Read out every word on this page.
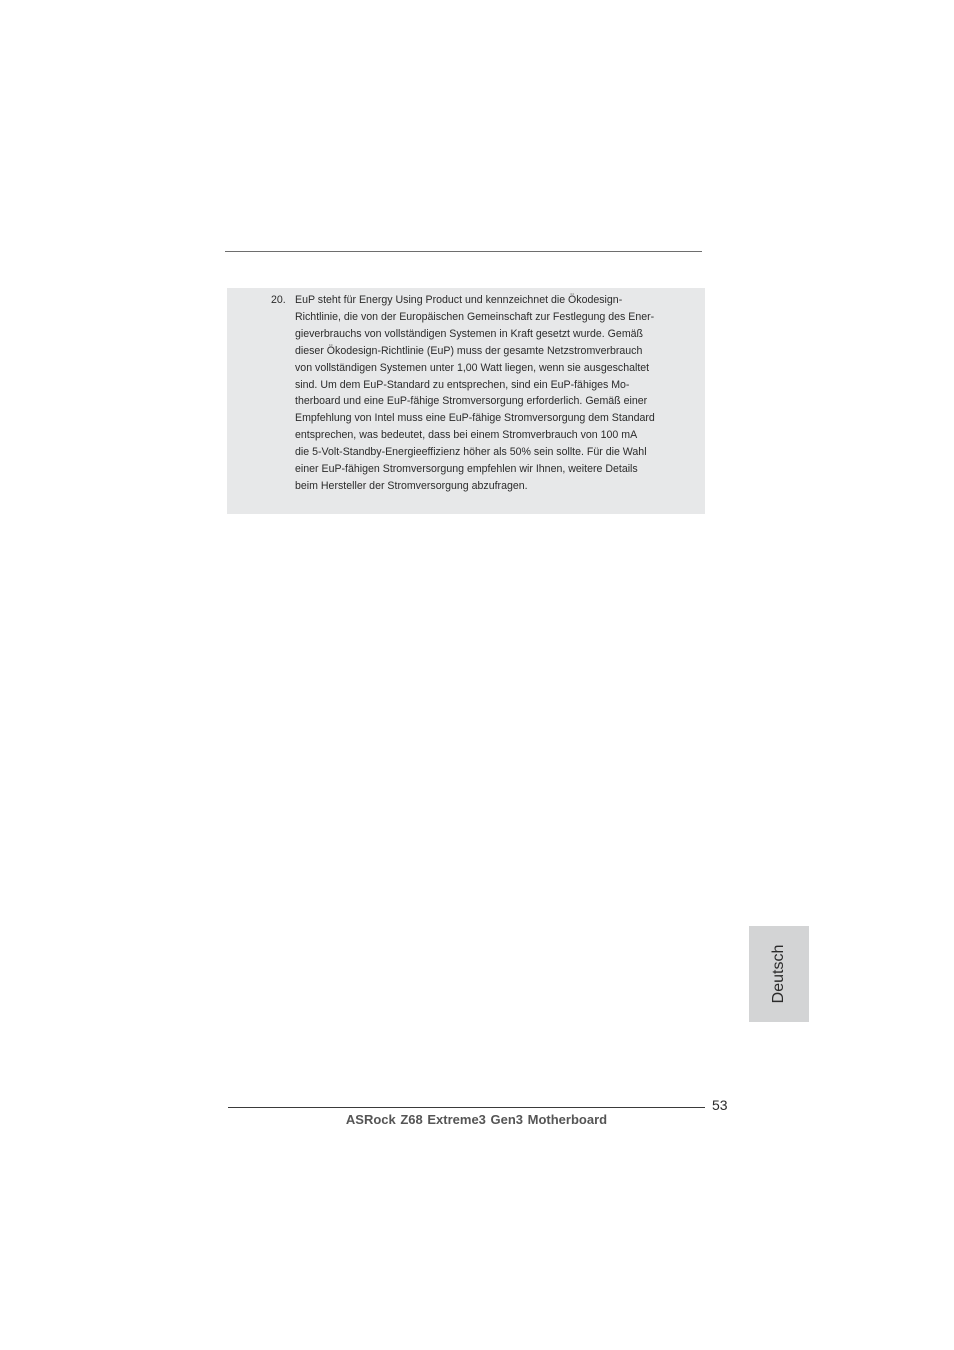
20. EuP steht für Energy Using Product und kennzeichnet die Ökodesign-
Richtlinie, die von der Europäischen Gemeinschaft zur Festlegung des Ener-
gieverbrauchs von vollständigen Systemen in Kraft gesetzt wurde. Gemäß
dieser Ökodesign-Richtlinie (EuP) muss der gesamte Netzstromverbrauch
von vollständigen Systemen unter 1,00 Watt liegen, wenn sie ausgeschaltet
sind. Um dem EuP-Standard zu entsprechen, sind ein EuP-fähiges Mo-
therboard und eine EuP-fähige Stromversorgung erforderlich. Gemäß einer
Empfehlung von Intel muss eine EuP-fähige Stromversorgung dem Standard
entsprechen, was bedeutet, dass bei einem Stromverbrauch von 100 mA
die 5-Volt-Standby-Energieeffizienz höher als 50% sein sollte. Für die Wahl
einer EuP-fähigen Stromversorgung empfehlen wir Ihnen, weitere Details
beim Hersteller der Stromversorgung abzufragen.
Deutsch
53
ASRock Z68 Extreme3 Gen3 Motherboard
